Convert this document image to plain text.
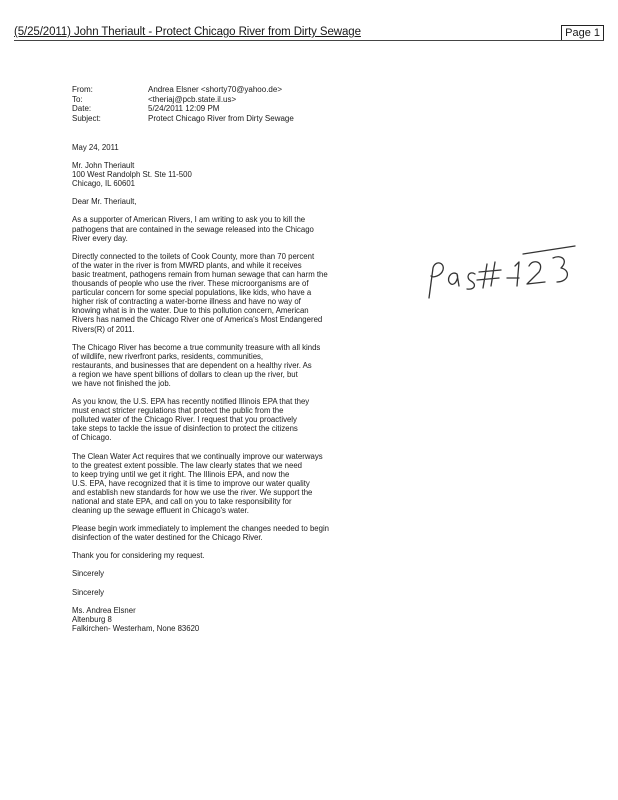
(5/25/2011) John Theriault - Protect Chicago River from Dirty Sewage	Page 1
From:	Andrea Elsner <shorty70@yahoo.de>
To:	<theriaj@pcb.state.il.us>
Date:	5/24/2011 12:09 PM
Subject:	Protect Chicago River from Dirty Sewage

May 24, 2011

Mr. John Theriault
100 West Randolph St. Ste 11-500
Chicago, IL 60601

Dear Mr. Theriault,

As a supporter of American Rivers, I am writing to ask you to kill the
pathogens that are contained in the sewage released into the Chicago
River every day.

Directly connected to the toilets of Cook County, more than 70 percent
of the water in the river is from MWRD plants, and while it receives
basic treatment, pathogens remain from human sewage that can harm the
thousands of people who use the river. These microorganisms are of
particular concern for some special populations, like kids, who have a
higher risk of contracting a water-borne illness and have no way of
knowing what is in the water. Due to this pollution concern, American
Rivers has named the Chicago River one of America's Most Endangered
Rivers(R) of 2011.

The Chicago River has become a true community treasure with all kinds
of wildlife, new riverfront parks, residents, communities,
restaurants, and businesses that are dependent on a healthy river. As
a region we have spent billions of dollars to clean up the river, but
we have not finished the job.

As you know, the U.S. EPA has recently notified Illinois EPA that they
must enact stricter regulations that protect the public from the
polluted water of the Chicago River. I request that you proactively
take steps to tackle the issue of disinfection to protect the citizens
of Chicago.

The Clean Water Act requires that we continually improve our waterways
to the greatest extent possible. The law clearly states that we need
to keep trying until we get it right. The Illinois EPA, and now the
U.S. EPA, have recognized that it is time to improve our water quality
and establish new standards for how we use the river. We support the
national and state EPA, and call on you to take responsibility for
cleaning up the sewage effluent in Chicago's water.

Please begin work immediately to implement the changes needed to begin
disinfection of the water destined for the Chicago River.

Thank you for considering my request.

Sincerely

Sincerely

Ms. Andrea Elsner
Altenburg 8
Falkirchen- Westerham, None 83620
